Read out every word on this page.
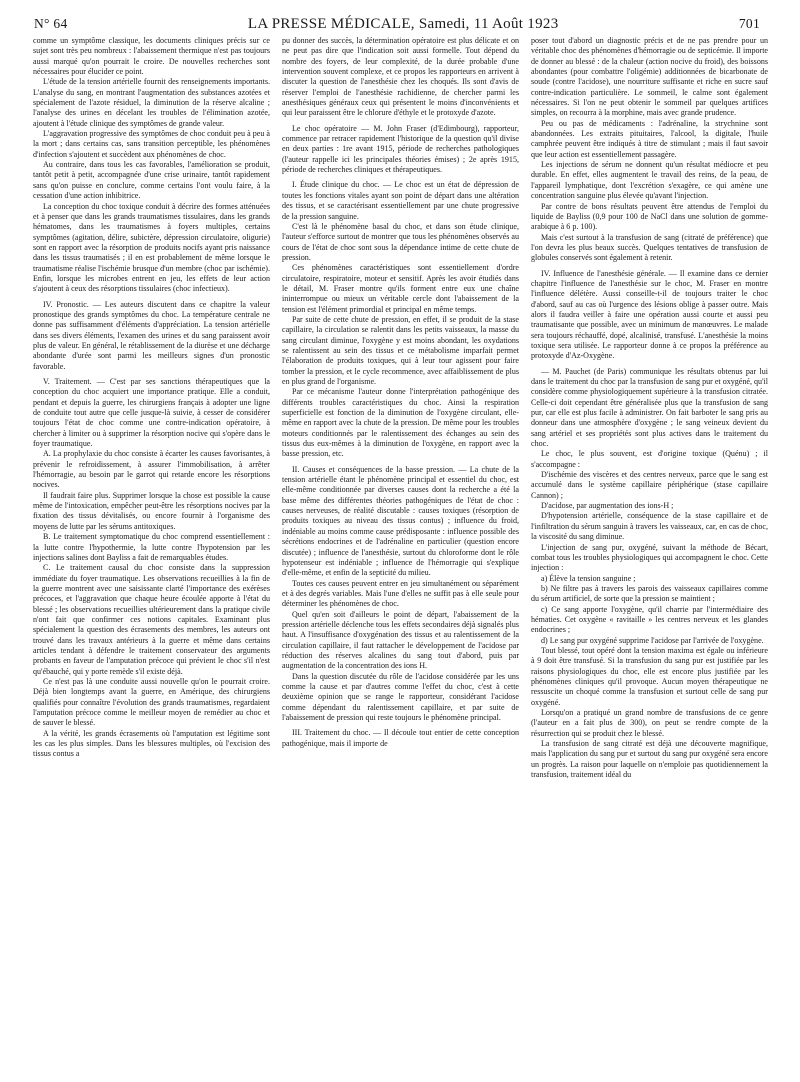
N° 64	LA PRESSE MÉDICALE, Samedi, 11 Août 1923	701

comme un symptôme classique, les documents cliniques précis sur ce sujet sont très peu nombreux : l'abaissement thermique n'est pas toujours aussi marqué qu'on pourrait le croire. De nouvelles recherches sont nécessaires pour élucider ce point.

L'étude de la tension artérielle fournit des renseignements importants. L'analyse du sang, en montrant l'augmentation des substances azotées et spécialement de l'azote résiduel, la diminution de la réserve alcaline ; l'analyse des urines en décelant les troubles de l'élimination azotée, ajoutent à l'étude clinique des symptômes de grande valeur.

L'aggravation progressive des symptômes de choc conduit peu à peu à la mort ; dans certains cas, sans transition perceptible, les phénomènes d'infection s'ajoutent et succèdent aux phénomènes de choc.

Au contraire, dans tous les cas favorables, l'amélioration se produit, tantôt petit à petit, accompagnée d'une crise urinaire, tantôt rapidement sans qu'on puisse en conclure, comme certains l'ont voulu faire, à la cessation d'une action inhibitrice.

La conception du choc toxique conduit à décrire des formes atténuées et à penser que dans les grands traumatismes tissulaires, dans les grands hématomes, dans les traumatismes à foyers multiples, certains symptômes (agitation, délire, subictère, dépression circulatoire, oligurie) sont en rapport avec la résorption de produits nocifs ayant pris naissance dans les tissus traumatisés ; il en est probablement de même lorsque le traumatisme réalise l'ischémie brusque d'un membre (choc par ischémie). Enfin, lorsque les microbes entrent en jeu, les effets de leur action s'ajoutent à ceux des résorptions tissulaires (choc infectieux).

IV. Pronostic. — Les auteurs discutent dans ce chapitre la valeur pronostique des grands symptômes du choc. La température centrale ne donne pas suffisamment d'éléments d'appréciation. La tension artérielle dans ses divers éléments, l'examen des urines et du sang paraissent avoir plus de valeur. En général, le rétablissement de la diurèse et une décharge abondante d'urée sont parmi les meilleurs signes d'un pronostic favorable.

V. Traitement. — C'est par ses sanctions thérapeutiques que la conception du choc acquiert une importance pratique. Elle a conduit, pendant et depuis la guerre, les chirurgiens français à adopter une ligne de conduite tout autre que celle jusque-là suivie, à cesser de considérer toujours l'état de choc comme une contre-indication opératoire, à chercher à limiter ou à supprimer la résorption nocive qui s'opère dans le foyer traumatique.

A. La prophylaxie du choc consiste à écarter les causes favorisantes, à prévenir le refroidissement, à assurer l'immobilisation, à arrêter l'hémorragie, au besoin par le garrot qui retarde encore les résorptions nocives.

Il faudrait faire plus. Supprimer lorsque la chose est possible la cause même de l'intoxication, empêcher peut-être les résorptions nocives par la fixation des tissus dévitalisés, ou encore fournir à l'organisme des moyens de lutte par les sérums antitoxiques.

B. Le traitement symptomatique du choc comprend essentiellement : la lutte contre l'hypothermie, la lutte contre l'hypotension par les injections salines dont Bayliss a fait de remarquables études.

C. Le traitement causal du choc consiste dans la suppression immédiate du foyer traumatique. Les observations recueillies à la fin de la guerre montrent avec une saisissante clarté l'importance des exérèses précoces, et l'aggravation que chaque heure écoulée apporte à l'état du blessé ; les observations recueillies ultérieurement dans la pratique civile n'ont fait que confirmer ces notions capitales. Examinant plus spécialement la question des écrasements des membres, les auteurs ont trouvé dans les travaux antérieurs à la guerre et même dans certains articles tendant à défendre le traitement conservateur des arguments probants en faveur de l'amputation précoce qui prévient le choc s'il n'est qu'ébauché, qui y porte remède s'il existe déjà.

Ce n'est pas là une conduite aussi nouvelle qu'on le pourrait croire. Déjà bien longtemps avant la guerre, en Amérique, des chirurgiens qualifiés pour connaître l'évolution des grands traumatismes, regardaient l'amputation précoce comme le meilleur moyen de remédier au choc et de sauver le blessé.

A la vérité, les grands écrasements où l'amputation est légitime sont les cas les plus simples. Dans les blessures multiples, où l'excision des tissus contus a

pu donner des succès, la détermination opératoire est plus délicate et on ne peut pas dire que l'indication soit aussi formelle. Tout dépend du nombre des foyers, de leur complexité, de la durée probable d'une intervention souvent complexe, et ce propos les rapporteurs en arrivent à discuter la question de l'anesthésie chez les choqués. Ils sont d'avis de réserver l'emploi de l'anesthésie rachidienne, de chercher parmi les anesthésiques généraux ceux qui présentent le moins d'inconvénients et qui leur paraissent être le chlorure d'éthyle et le protoxyde d'azote.

Le choc opératoire — M. John Fraser (d'Edimbourg), rapporteur, commence par retracer rapidement l'historique de la question qu'il divise en deux parties : 1re avant 1915, période de recherches pathologiques (l'auteur rappelle ici les principales théories émises) ; 2e après 1915, période de recherches cliniques et thérapeutiques.

I. Étude clinique du choc. — Le choc est un état de dépression de toutes les fonctions vitales ayant son point de départ dans une altération des tissus, et se caractérisant essentiellement par une chute progressive de la pression sanguine.

C'est là le phénomène basal du choc, et dans son étude clinique, l'auteur s'efforce surtout de montrer que tous les phénomènes observés au cours de l'état de choc sont sous la dépendance intime de cette chute de pression.

Ces phénomènes caractéristiques sont essentiellement d'ordre circulatoire, respiratoire, moteur et sensitif. Après les avoir étudiés dans le détail, M. Fraser montre qu'ils forment entre eux une chaîne ininterrompue ou mieux un véritable cercle dont l'abaissement de la tension est l'élément primordial et principal en même temps.

Par suite de cette chute de pression, en effet, il se produit de la stase capillaire, la circulation se ralentit dans les petits vaisseaux, la masse du sang circulant diminue, l'oxygène y est moins abondant, les oxydations se ralentissent au sein des tissus et ce métabolisme imparfait permet l'élaboration de produits toxiques, qui à leur tour agissent pour faire tomber la pression, et le cycle recommence, avec affaiblissement de plus en plus grand de l'organisme.

Par ce mécanisme l'auteur donne l'interprétation pathogénique des différents troubles caractéristiques du choc. Ainsi la respiration superficielle est fonction de la diminution de l'oxygène circulant, elle-même en rapport avec la chute de la pression. De même pour les troubles moteurs conditionnés par le ralentissement des échanges au sein des tissus dus eux-mêmes à la diminution de l'oxygène, en rapport avec la basse pression, etc.

II. Causes et conséquences de la basse pression. — La chute de la tension artérielle étant le phénomène principal et essentiel du choc, est elle-même conditionnée par diverses causes dont la recherche a été la base même des différentes théories pathogéniques de l'état de choc : causes nerveuses, de réalité discutable : causes toxiques (résorption de produits toxiques au niveau des tissus contus) ; influence du froid, indéniable au moins comme cause prédisposante : influence possible des sécrétions endocrines et de l'adrénaline en particulier (question encore discutée) ; influence de l'anesthésie, surtout du chloroforme dont le rôle hypotenseur est indéniable ; influence de l'hémorragie qui s'explique d'elle-même, et enfin de la septicité du milieu.

Toutes ces causes peuvent entrer en jeu simultanément ou séparément et à des degrés variables. Mais l'une d'elles ne suffit pas à elle seule pour déterminer les phénomènes de choc.

Quel qu'en soit d'ailleurs le point de départ, l'abaissement de la pression artérielle déclenche tous les effets secondaires déjà signalés plus haut. A l'insuffisance d'oxygénation des tissus et au ralentissement de la circulation capillaire, il faut rattacher le développement de l'acidose par réduction des réserves alcalines du sang tout d'abord, puis par augmentation de la concentration des ions H.

Dans la question discutée du rôle de l'acidose considérée par les uns comme la cause et par d'autres comme l'effet du choc, c'est à cette deuxième opinion que se range le rapporteur, considérant l'acidose comme dépendant du ralentissement capillaire, et par suite de l'abaissement de pression qui reste toujours le phénomène principal.

III. Traitement du choc. — Il découle tout entier de cette conception pathogénique, mais il importe de

poser tout d'abord un diagnostic précis et de ne pas prendre pour un véritable choc des phénomènes d'hémorragie ou de septicémie. Il importe de donner au blessé : de la chaleur (action nocive du froid), des boissons abondantes (pour combattre l'oligémie) additionnées de bicarbonate de soude (contre l'acidose), une nourriture suffisante et riche en sucre sauf contre-indication particulière. Le sommeil, le calme sont également nécessaires. Si l'on ne peut obtenir le sommeil par quelques artifices simples, on recourra à la morphine, mais avec grande prudence.

Peu ou pas de médicaments : l'adrénaline, la strychnine sont abandonnées. Les extraits pituitaires, l'alcool, la digitale, l'huile camphrée peuvent être indiqués à titre de stimulant ; mais il faut savoir que leur action est essentiellement passagère.

Les injections de sérum ne donnent qu'un résultat médiocre et peu durable. En effet, elles augmentent le travail des reins, de la peau, de l'appareil lymphatique, dont l'excrétion s'exagère, ce qui amène une concentration sanguine plus élevée qu'avant l'injection.

Par contre de bons résultats peuvent être attendus de l'emploi du liquide de Bayliss (0,9 pour 100 de NaCl dans une solution de gomme-arabique à 6 p. 100).

Mais c'est surtout à la transfusion de sang (citraté de préférence) que l'on devra les plus beaux succès. Quelques tentatives de transfusion de globules conservés sont également à retenir.

IV. Influence de l'anesthésie générale. — Il examine dans ce dernier chapitre l'influence de l'anesthésie sur le choc, M. Fraser en montre l'influence délétère. Aussi conseille-t-il de toujours traiter le choc d'abord, sauf au cas où l'urgence des lésions oblige à passer outre. Mais alors il faudra veiller à faire une opération aussi courte et aussi peu traumatisante que possible, avec un minimum de manœuvres. Le malade sera toujours réchauffé, dopé, alcalinisé, transfusé. L'anesthésie la moins toxique sera utilisée. Le rapporteur donne à ce propos la préférence au protoxyde d'Az-Oxygène.

— M. Pauchet (de Paris) communique les résultats obtenus par lui dans le traitement du choc par la transfusion de sang pur et oxygéné, qu'il considère comme physiologiquement supérieure à la transfusion citratée. Celle-ci doit cependant être généralisée plus que la transfusion de sang pur, car elle est plus facile à administrer. On fait barboter le sang pris au donneur dans une atmosphère d'oxygène ; le sang veineux devient du sang artériel et ses propriétés sont plus actives dans le traitement du choc.

Le choc, le plus souvent, est d'origine toxique (Quénu) ; il s'accompagne :

D'ischémie des viscères et des centres nerveux, parce que le sang est accumulé dans le système capillaire périphérique (stase capillaire Cannon) ;

D'acidose, par augmentation des ions-H ;

D'hypotension artérielle, conséquence de la stase capillaire et de l'infiltration du sérum sanguin à travers les vaisseaux, car, en cas de choc, la viscosité du sang diminue.

L'injection de sang pur, oxygéné, suivant la méthode de Bécart, combat tous les troubles physiologiques qui accompagnent le choc. Cette injection :

a) Élève la tension sanguine ;

b) Ne filtre pas à travers les parois des vaisseaux capillaires comme du sérum artificiel, de sorte que la pression se maintient ;

c) Ce sang apporte l'oxygène, qu'il charrie par l'intermédiaire des hématies. Cet oxygène « ravitaille » les centres nerveux et les glandes endocrines ;

d) Le sang pur oxygéné supprime l'acidose par l'arrivée de l'oxygène.

Tout blessé, tout opéré dont la tension maxima est égale ou inférieure à 9 doit être transfusé. Si la transfusion du sang pur est justifiée par les raisons physiologiques du choc, elle est encore plus justifiée par les phénomènes cliniques qu'il provoque. Aucun moyen thérapeutique ne ressuscite un choqué comme la transfusion et surtout celle de sang pur oxygéné.

Lorsqu'on a pratiqué un grand nombre de transfusions de ce genre (l'auteur en a fait plus de 300), on peut se rendre compte de la résurrection qui se produit chez le blessé.

La transfusion de sang citraté est déjà une découverte magnifique, mais l'application du sang pur et surtout du sang pur oxygéné sera encore un progrès. La raison pour laquelle on n'emploie pas quotidiennement la transfusion, traitement idéal du
